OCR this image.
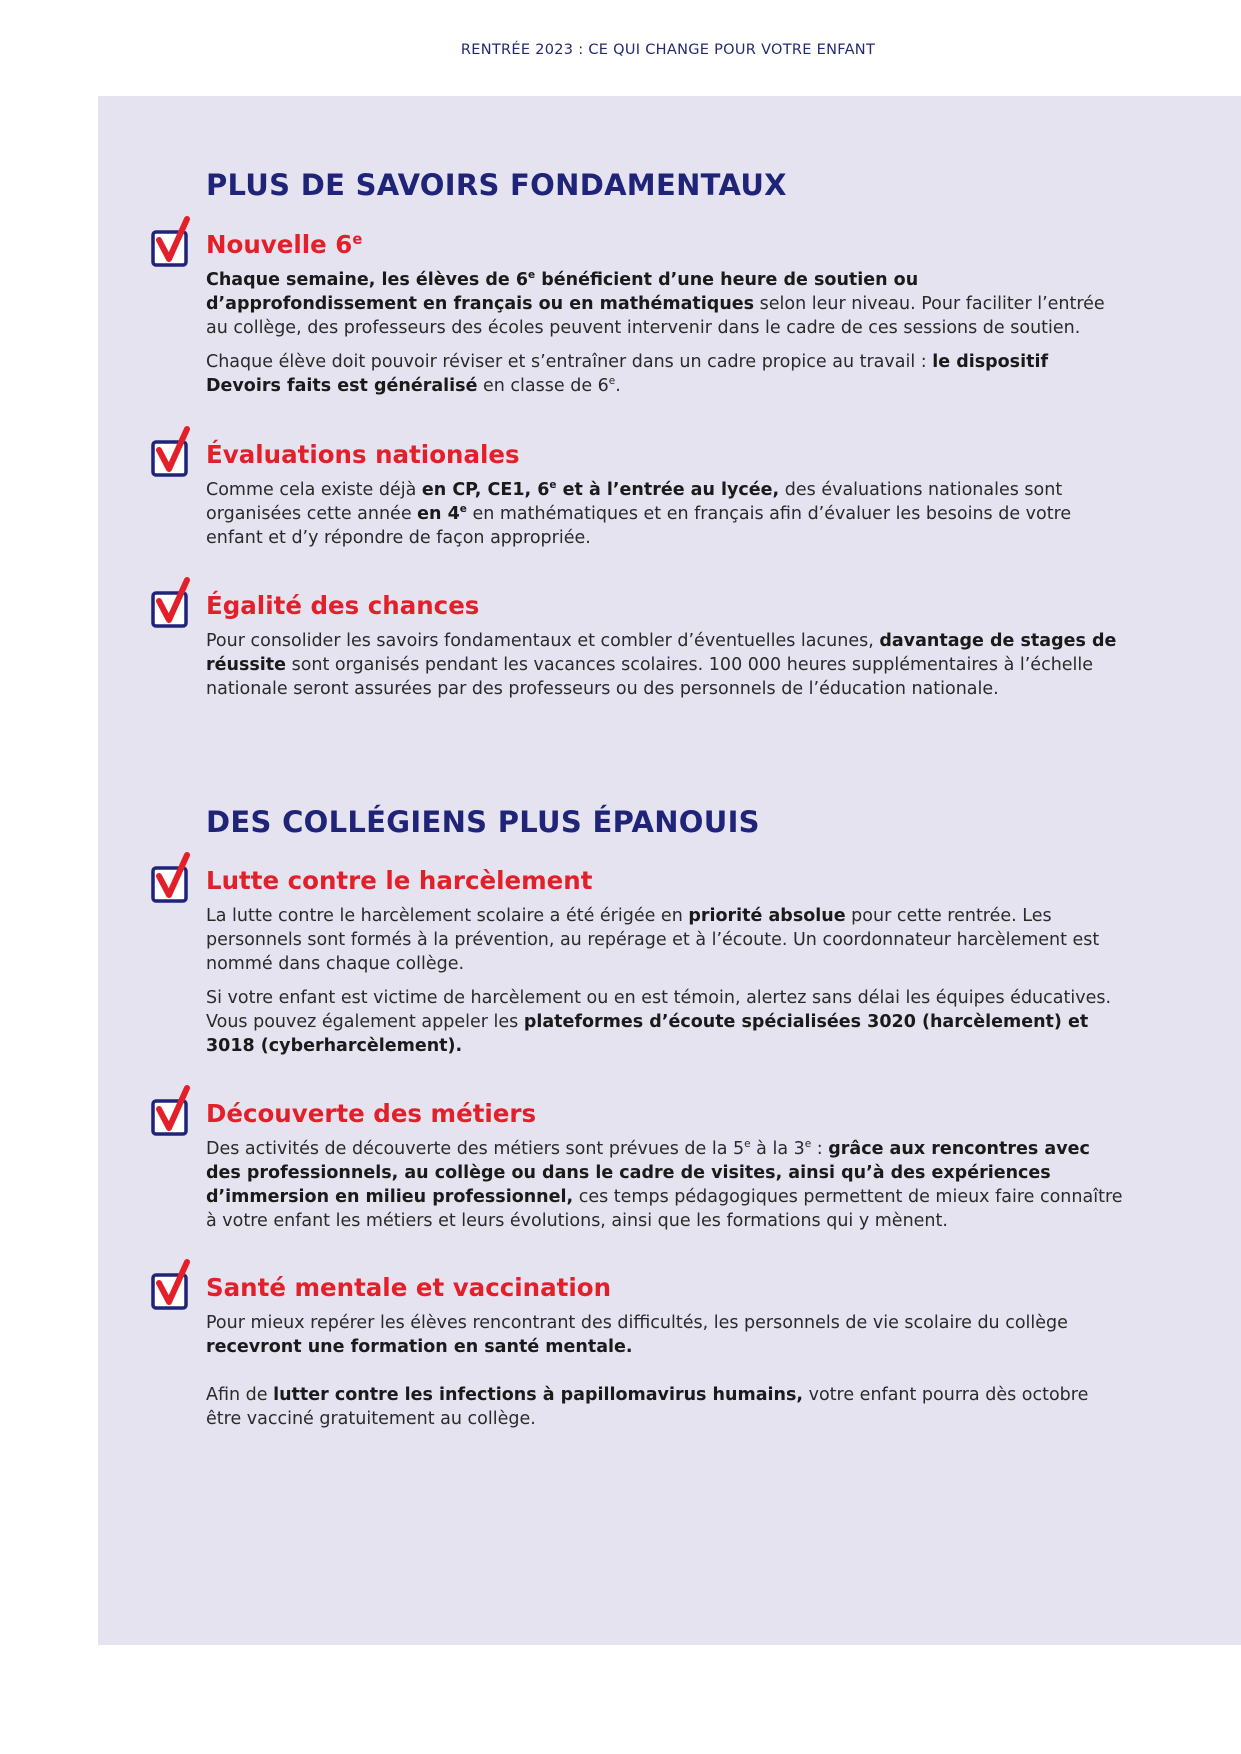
RENTRÉE 2023 : CE QUI CHANGE POUR VOTRE ENFANT
PLUS DE SAVOIRS FONDAMENTAUX
Nouvelle 6e

Chaque semaine, les élèves de 6e bénéficient d’une heure de soutien ou d’approfondissement en français ou en mathématiques selon leur niveau. Pour faciliter l’entrée au collège, des professeurs des écoles peuvent intervenir dans le cadre de ces sessions de soutien.

Chaque élève doit pouvoir réviser et s’entraîner dans un cadre propice au travail : le dispositif Devoirs faits est généralisé en classe de 6e.

Évaluations nationales

Comme cela existe déjà en CP, CE1, 6e et à l’entrée au lycée, des évaluations nationales sont organisées cette année en 4e en mathématiques et en français afin d’évaluer les besoins de votre enfant et d’y répondre de façon appropriée.

Égalité des chances

Pour consolider les savoirs fondamentaux et combler d’éventuelles lacunes, davantage de stages de réussite sont organisés pendant les vacances scolaires. 100 000 heures supplémentaires à l’échelle nationale seront assurées par des professeurs ou des personnels de l’éducation nationale.

DES COLLÉGIENS PLUS ÉPANOUIS
Lutte contre le harcèlement

La lutte contre le harcèlement scolaire a été érigée en priorité absolue pour cette rentrée. Les personnels sont formés à la prévention, au repérage et à l’écoute. Un coordonnateur harcèlement est nommé dans chaque collège.

Si votre enfant est victime de harcèlement ou en est témoin, alertez sans délai les équipes éducatives. Vous pouvez également appeler les plateformes d’écoute spécialisées 3020 (harcèlement) et 3018 (cyberharcèlement).

Découverte des métiers

Des activités de découverte des métiers sont prévues de la 5e à la 3e : grâce aux rencontres avec des professionnels, au collège ou dans le cadre de visites, ainsi qu’à des expériences d’immersion en milieu professionnel, ces temps pédagogiques permettent de mieux faire connaître à votre enfant les métiers et leurs évolutions, ainsi que les formations qui y mènent.

Santé mentale et vaccination

Pour mieux repérer les élèves rencontrant des difficultés, les personnels de vie scolaire du collège recevront une formation en santé mentale.

Afin de lutter contre les infections à papillomavirus humains, votre enfant pourra dès octobre être vacciné gratuitement au collège.
